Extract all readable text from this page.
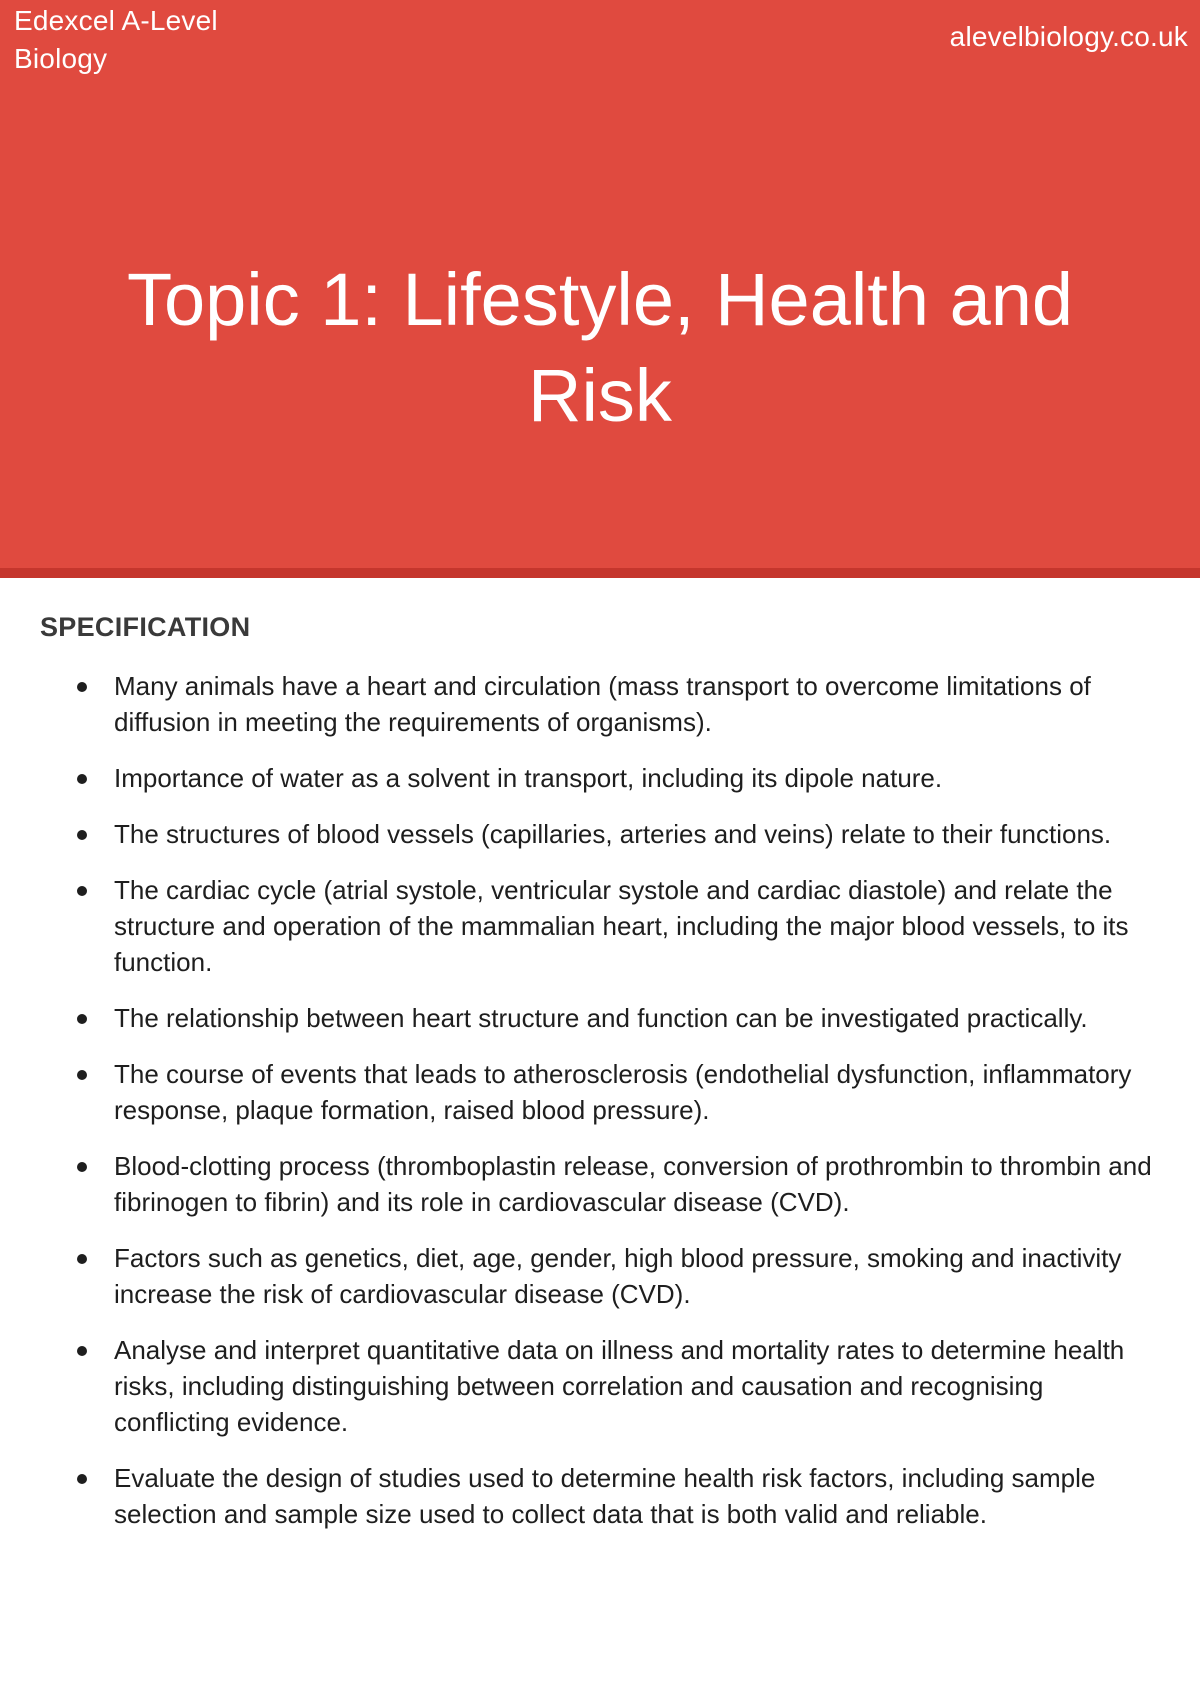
Edexcel A-Level
Biology
alevelbiology.co.uk
Topic 1: Lifestyle, Health and Risk
SPECIFICATION
Many animals have a heart and circulation (mass transport to overcome limitations of diffusion in meeting the requirements of organisms).
Importance of water as a solvent in transport, including its dipole nature.
The structures of blood vessels (capillaries, arteries and veins) relate to their functions.
The cardiac cycle (atrial systole, ventricular systole and cardiac diastole) and relate the structure and operation of the mammalian heart, including the major blood vessels, to its function.
The relationship between heart structure and function can be investigated practically.
The course of events that leads to atherosclerosis (endothelial dysfunction, inflammatory response, plaque formation, raised blood pressure).
Blood-clotting process (thromboplastin release, conversion of prothrombin to thrombin and fibrinogen to fibrin) and its role in cardiovascular disease (CVD).
Factors such as genetics, diet, age, gender, high blood pressure, smoking and inactivity increase the risk of cardiovascular disease (CVD).
Analyse and interpret quantitative data on illness and mortality rates to determine health risks, including distinguishing between correlation and causation and recognising conflicting evidence.
Evaluate the design of studies used to determine health risk factors, including sample selection and sample size used to collect data that is both valid and reliable.
